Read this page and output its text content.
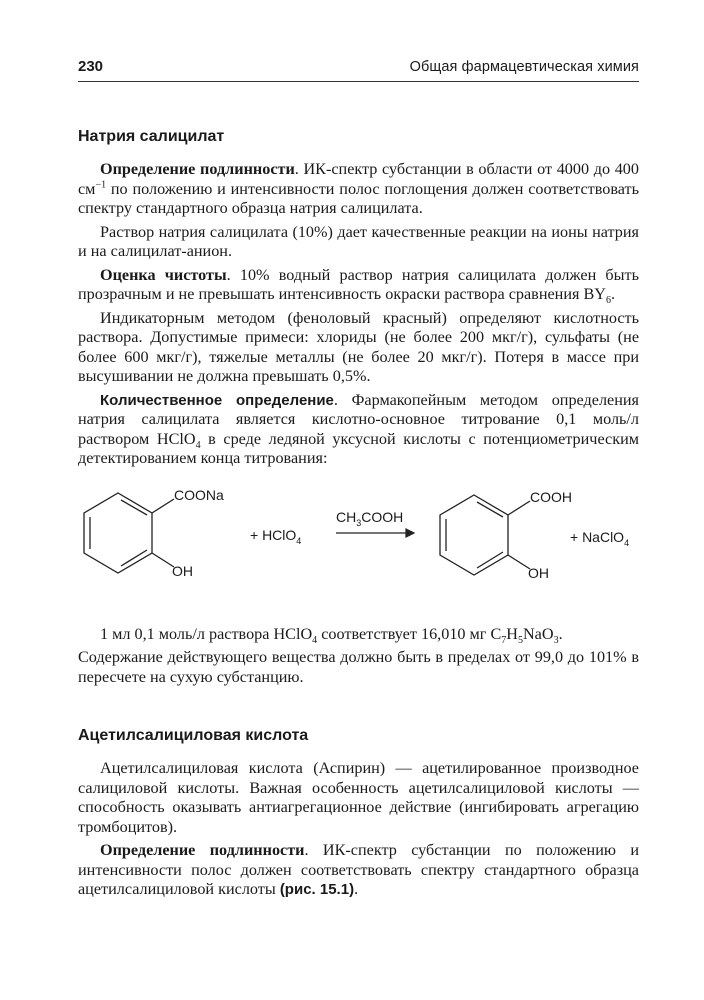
230	Общая фармацевтическая химия
Натрия салицилат

Определение подлинности. ИК-спектр субстанции в области от 4000 до 400 $см^{-1}$ по положению и интенсивности полос поглощения должен соответствовать спектру стандартного образца натрия салицилата.

Раствор натрия салицилата (10%) дает качественные реакции на ионы натрия и на салицилат-анион.

Оценка чистоты. 10% водный раствор натрия салицилата должен быть прозрачным и не превышать интенсивность окраски раствора сравнения $BY_6$.

Индикаторным методом (феноловый красный) определяют кислотность раствора. Допустимые примеси: хлориды (не более 200 мкг/г), сульфаты (не более 600 мкг/г), тяжелые металлы (не более 20 мкг/г). Потеря в массе при высушивании не должна превышать 0,5%.

Количественное определение. Фармакопейным методом определения натрия салицилата является кислотно-основное титрование 0,1 моль/л раствором HClO$_4$ в среде ледяной уксусной кислоты с потенциометрическим детектированием конца титрования:

COONa
OH
+ HClO$_4$
$CH_3COOH$
COOH
OH
+ NaClO$_4$

1 мл 0,1 моль/л раствора HClO$_4$ соответствует 16,010 мг $C_7H_5NaO_3$.

Содержание действующего вещества должно быть в пределах от 99,0 до 101% в пересчете на сухую субстанцию.

Ацетилсалициловая кислота

Ацетилсалициловая кислота (Аспирин) — ацетилированное производное салициловой кислоты. Важная особенность ацетилсалициловой кислоты — способность оказывать антиагрегационное действие (ингибировать агрегацию тромбоцитов).

Определение подлинности. ИК-спектр субстанции по положению и интенсивности полос должен соответствовать спектру стандартного образца ацетилсалициловой кислоты (рис. 15.1).
